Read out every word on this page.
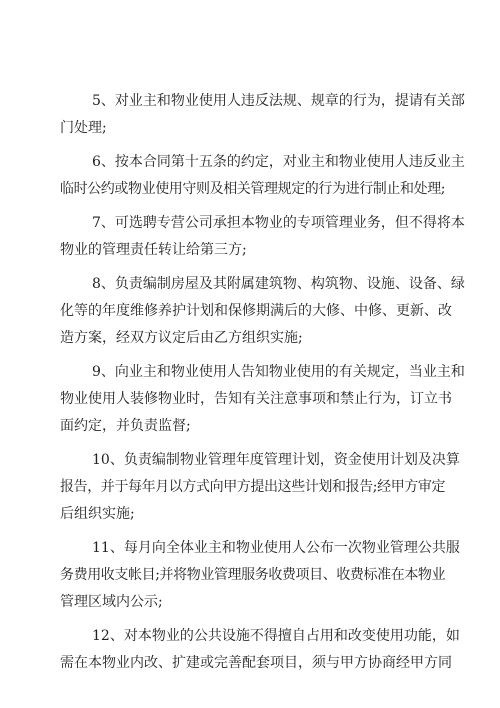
5、对业主和物业使用人违反法规、规章的行为，提请有关部
门处理;

6、按本合同第十五条的约定，对业主和物业使用人违反业主
临时公约或物业使用守则及相关管理规定的行为进行制止和处理;

7、可选聘专营公司承担本物业的专项管理业务，但不得将本
物业的管理责任转让给第三方;

8、负责编制房屋及其附属建筑物、构筑物、设施、设备、绿
化等的年度维修养护计划和保修期满后的大修、中修、更新、改
造方案，经双方议定后由乙方组织实施;

9、向业主和物业使用人告知物业使用的有关规定，当业主和
物业使用人装修物业时，告知有关注意事项和禁止行为，订立书
面约定，并负责监督;

10、负责编制物业管理年度管理计划，资金使用计划及决算
报告，并于每年月以方式向甲方提出这些计划和报告;经甲方审定
后组织实施;

11、每月向全体业主和物业使用人公布一次物业管理公共服
务费用收支帐目;并将物业管理服务收费项目、收费标准在本物业
管理区域内公示;

12、对本物业的公共设施不得擅自占用和改变使用功能，如
需在本物业内改、扩建或完善配套项目，须与甲方协商经甲方同
